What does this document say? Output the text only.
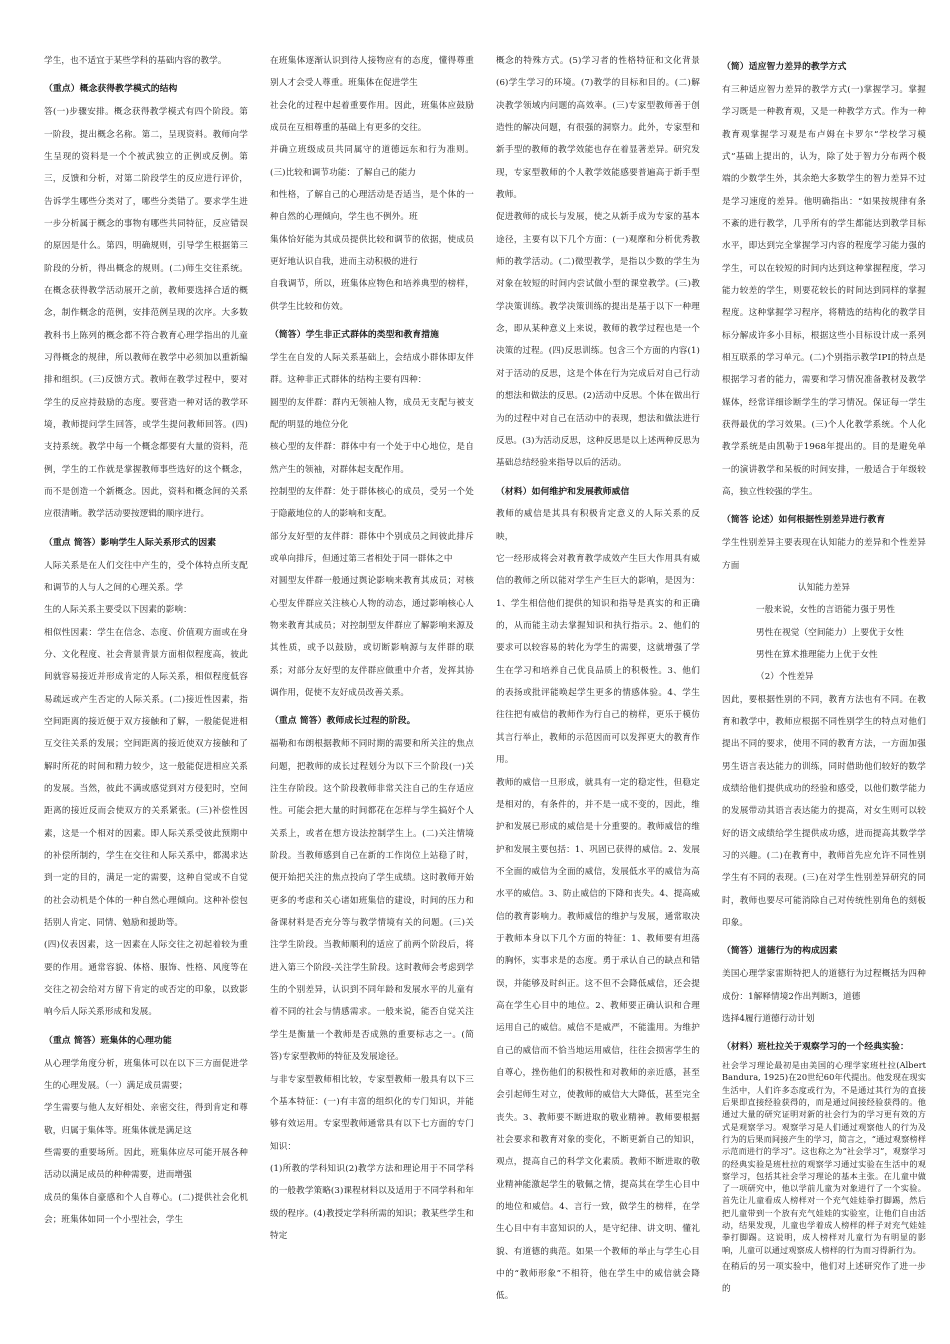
学生，也不适宜于某些学科的基础内容的教学。

（重点）概念获得教学模式的结构

答(一)步骤安排。概念获得教学模式有四个阶段。第一阶段，提出概念名称。第二，呈现资料。教师向学生呈现的资料是一个个被武独立的正例或反例。第三，反馈和分析，对第二阶段学生的反应进行评价，告诉学生哪些分类对了，哪些分类错了。要求学生进一步分析属于概念的事物有哪些共同特征，反应错误的原因是什么。第四，明确规则，引导学生根据第三阶段的分析，得出概念的规则。(二)师生交往系统。在概念获得教学活动展开之前，教师要选择合适的概念，制作概念的范例，安排范例呈现的次序。大多数教科书上陈列的概念都不符合教育心理学指出的儿童习得概念的规律，所以教师在教学中必须加以重新编排和组织。(三)反馈方式。教师在教学过程中，要对学生的反应持鼓励的态度。要营造一种对话的教学环境，教师提问学生回答，或学生提问教师回答。(四)支持系统。教学中每一个概念都要有大量的资料，范例，学生的工作就是掌握教师事些选好的这个概念，而不是创造一个新概念。因此，资料和概念间的关系应很清晰。教学活动要按逻辑的顺序进行。

（重点 简答）影响学生人际关系形式的因素

人际关系是在人们交往中产生的，受个体特点所支配和调节的人与人之间的心理关系。学

生的人际关系主要受以下因素的影响：

相似性因素：学生在信念、态度、价值观方面或在身分、文化程度、社会背景背景方面相似程度高，彼此间就容易接近并形成肯定的人际关系，相似程度低容易疏远或产生否定的人际关系。(二)接近性因素，指空间距离的接近便于双方接触和了解，一般能促进相互交往关系的发展；空间距离的接近使双方接触和了解时所花的时间和精力较少，这一般能促进相应关系的发展。当然，彼此不满或感觉到对方侵犯时，空间距离的接近反而会使双方的关系紧张。(三)补偿性因素，这是一个相对的因素。即人际关系受彼此预期中的补偿所制约，学生在交往和人际关系中，都渴求达到一定的目的，满足一定的需要，这种自觉或不自觉的社会动机是个体的一种自然心理倾向。这种补偿包括别人肯定、同情、勉励和援助等。

(四)仪表因素，这一因素在人际交往之初起着较为重要的作用。通常容貌、体格、服饰、性格、风度等在交往之初会给对方留下肯定的或否定的印象，以致影响今后人际关系形成和发展。

（重点 简答）班集体的心理功能

从心理学角度分析，班集体可以在以下三方面促进学生的心理发展。（一）满足成员需要；

学生需要与他人友好相处、亲密交往，得到肯定和尊敬，归属于集体等。班集体就是满足这

些需要的重要场所。因此，班集体应尽可能开展各种活动以满足成员的种种需要，进而增强

成员的集体自豪感和个人自尊心。(二)提供社会化机会；班集体如同一个小型社会，学生

在班集体逐渐认识到待人接物应有的态度，懂得尊重别人才会受人尊重。班集体在促进学生

社会化的过程中起着重要作用。因此，班集体应鼓励成员在互相尊重的基础上有更多的交往。

并确立班级成员共同属守的道德远东和行为准则。(三)比较和调节功能：了解自己的能力

和性格，了解自己的心理活动是否适当，是个体的一种自然的心理倾向，学生也不例外。班

集体恰好能为其成员提供比较和调节的依据，使成员更好地认识自我，进而主动积极的进行

自我调节，所以，班集体应物色和培养典型的榜样，供学生比较和仿效。

（简答）学生非正式群体的类型和教育措施

学生在自发的人际关系基础上，会结成小群体即友伴群。这种非正式群体的结构主要有四种：

圆型的友伴群：群内无领袖人物，成员无支配与被支配的明显的地位分化

核心型的友伴群：群体中有一个处于中心地位，是自然产生的领袖，对群体起支配作用。

控制型的友伴群：处于群体核心的成员，受另一个处于隐蔽地位的人的影响和支配。

部分友好型的友伴群：群体中个别成员之间彼此排斥或单向排斥，但通过第三者相处于同一群体之中

对圆型友伴群一般通过舆论影响来教育其成员；对核心型友伴群应关注核心人物的动态，通过影响核心人物来教育其成员；对控制型友伴群应了解影响来源及其性质，或予以鼓励，或切断影响源与友伴群的联系；对部分友好型的友伴群应做重中介者，发挥其协调作用，促使不友好成员改善关系。

（重点 简答）教师成长过程的阶段。

福勒和布朗根据教师不同时期的需要和所关注的焦点问题，把教师的成长过程划分为以下三个阶段(一)关注生存阶段。这个阶段教师非常关注自己的生存适应性。可能会把大量的时间都花在怎样与学生搞好个人关系上，或者在想方设法控制学生上。(二)关注情境阶段。当教师感到自己在新的工作岗位上站稳了时，便开始把关注的焦点投向了学生成绩。这时教师开始更多的考虑和关心诸如班集信的建设，时间的压力和备课材料是否充分等与教学情境有关的问题。(三)关注学生阶段。当教师顺利的适应了前两个阶段后，将进入第三个阶段-关注学生阶段。这时教师会考虑到学生的个别差异，认识到不同年龄和发展水平的儿童有着不同的社会与情感需求。一般来说，能否自觉关注学生是衡量一个教师是否成熟的重要标志之一。(简答)专家型教师的特征及发展途径。

与非专家型教师相比较，专家型教师一般具有以下三个基本特征：(一)有丰富的组织化的专门知识，并能够有效运用。专家型教师通常具有以下七方面的专门知识：

(1)所教的学科知识(2)教学方法和理论用于不同学科的一般教学策略(3)课程材料以及适用于不同学科和年级的程序。(4)教授定学科所需的知识；教某些学生和特定

概念的特殊方式。(5)学习者的性格特征和文化背景(6)学生学习的环境。(7)教学的目标和目的。(二)解决教学领域内问题的高效率。(三)专家型教师善于创造性的解决问题，有很强的洞察力。此外，专家型和新手型的教师的教学效能也存在着显著差异。研究发现，专家型教师的个人教学效能感要普遍高于新手型教师。

促进教师的成长与发展，使之从新手成为专家的基本途径，主要有以下几个方面：(一)观摩和分析优秀教师的教学活动。(二)微型教学，是指以少数的学生为对象在较短的时间内尝试做小型的课堂教学。(三)教学决策训练。教学决策训练的提出是基于以下一种理念，即从某种意义上来说，教师的教学过程也是一个决策的过程。(四)反思训练。包含三个方面的内容(1)对于活动的反思，这是个体在行为完成后对自己行动的想法和做法的反思。(2)活动中反思。个体在做出行为的过程中对自己在活动中的表现，想法和做法进行反思。(3)为活动反思，这种反思是以上述两种反思为基础总结经验来指导以后的活动。

（材料）如何维护和发展教师威信

教师的威信是其具有积极肯定意义的人际关系的反映，

它一经形成将会对教育教学成效产生巨大作用具有威信的教师之所以能对学生产生巨大的影响，是因为：1、学生相信他们提供的知识和指导是真实的和正确的，从而能主动去掌握知识和执行指示。2、他们的要求可以较容易的转化为学生的需要，这就增强了学生在学习和培养自己优良品质上的积极性。3、他们的表扬或批评能唤起学生更多的情感体验。4、学生往往把有威信的教师作为行自己的榜样，更乐于模仿其言行举止，教师的示范因而可以发挥更大的教育作用。

教师的威信一旦形成，就具有一定的稳定性，但稳定是相对的，有条件的，并不是一成不变的，因此，维护和发展已形成的威信是十分重要的。教师威信的维护和发展主要包括：1、巩固已获得的威信。2、发展不全面的威信为全面的威信，发展低水平的威信为高水平的威信。3、防止威信的下降和丧失。4、提高威信的教育影响力。教师威信的维护与发展，通常取决于教师本身以下几个方面的特征：1、教师要有坦荡的胸怀，实事求是的态度。勇于承认自己的缺点和错误，并能够及时纠正。这不但不会降低威信，还会提高在学生心目中的地位。2、教师要正确认识和合理运用自己的威信。威信不是威严，不能滥用。为维护自己的威信而不恰当地运用威信，往往会损害学生的自尊心，挫伤他们的积极性和对教师的亲近感，甚至会引起师生对立，使教师的威信大大降低，甚至完全丧失。3、教师要不断进取的敬业精神。教师要根据社会要求和教育对象的变化，不断更新自己的知识，观点，提高自己的科学文化素质。教师不断进取的敬业精神能激起学生的敬佩之情，提高其在学生心目中的地位和威信。4、言行一致，做学生的榜样，在学生心目中有丰富知识的人，是守纪律、讲文明、懂礼貌、有道德的典范。如果一个教师的举止与学生心目中的“教师形象”不相符，他在学生中的威信就会降低。

（简）适应智力差异的教学方式

有三种适应智力差异的教学方式(一)掌握学习。掌握学习既是一种教育观，又是一种教学方式。作为一种教育观掌握学习观是布卢姆在卡罗尔“学校学习模式”基础上提出的，认为，除了处于智力分布两个极端的少数学生外，其余绝大多数学生的智力差异不过是学习速度的差异。他明确指出：“如果按规律有条不紊的进行教学，几乎所有的学生都能达到教学目标水平，即达到完全掌握学习内容的程度学习能力强的学生，可以在较短的时间内达到这种掌握程度，学习能力较差的学生，则要花较长的时间达到同样的掌握程度。这种掌握学习程序，将精选的结构化的教学目标分解成许多小目标，根据这些小目标设计成一系列相互联系的学习单元。(二)个别指示教学IPI的特点是根据学习者的能力，需要和学习情况准备教材及教学媒体，经常详细诊断学生的学习情况。保证每一学生获得最优的学习效果。(三)个人化教学系统。个人化教学系统是由凯勒于1968年提出的。目的是避免单一的演讲教学和呆板的时间安排，一般适合于年级较高，独立性较强的学生。

（简答 论述）如何根据性别差异进行教育

学生性别差异主要表现在认知能力的差异和个性差异方面

认知能力差异

一般来说，女性的言语能力强于男性

男性在视觉（空间能力）上要优于女性

男性在算术推理能力上优于女性

（2）个性差异

因此，要根据性别的不同，教育方法也有不同。在教育和教学中，教师应根据不同性别学生的特点对他们提出不同的要求，使用不同的教育方法，一方面加强男生语言表达能力的训练，同时借助他们较好的数学成绩给他们提供成功的经验和感受，以他们数学能力的发展带动其语言表达能力的提高，对女生则可以较好的语文成绩给学生提供成功感，进而提高其数学学习的兴趣。(二)在教育中，教师首先应允许不同性别学生有不同的表现。(三)在对学生性别差异研究的同时，教师也要尽可能消除自己对传统性别角色的刻板印象。

（简答）道德行为的构成因素

美国心理学家雷斯特把人的道德行为过程概括为四种成份：1解释情境2作出判断3，道德

选择4履行道德行动计划

（材料）班杜拉关于观察学习的一个经典实验：

社会学习理论最初是由美国的心理学家班杜拉(Albert Bandura, 1925)在20世纪60年代提出。他发现在现实生活中，人们许多态度或行为，不是通过其行为的直接后果即直接经验获得的，而是通过间接经验获得的。他通过大量的研究证明对新的社会行为的学习更有效的方式是观察学习。观察学习是人们通过观察他人的行为及行为的后果而间接产生的学习，简言之，“通过观察榜样示范而进行的学习”。这也称之为“社会学习”，观察学习的经典实验是班杜拉的观察学习通过实验在生活中的观察学习，包括其社会学习理论的基本主张。在儿童中做了一项研究中，他以学前儿童为对象进行了一个实验。首先让儿童看成人榜样对一个充气娃娃拳打脚踢，然后把儿童带到一个放有充气娃娃的实验室，让他们自由活动，结果发现，儿童也学着成人榜样的样子对充气娃娃拳打脚踢。这说明，成人榜样对儿童行为有明显的影响，儿童可以通过观察成人榜样的行为而习得新行为。

在稍后的另一项实验中，他们对上述研究作了进一步的
